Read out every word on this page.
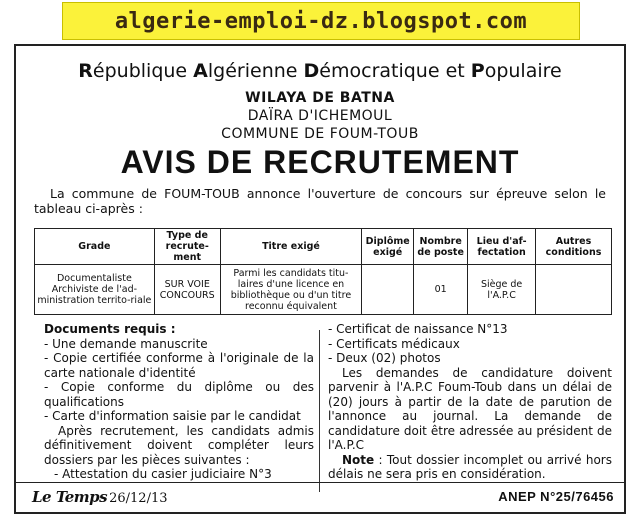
algerie-emploi-dz.blogspot.com
République Algérienne Démocratique et Populaire
WILAYA DE BATNA
DAÏRA D'ICHEMOUL
COMMUNE DE FOUM-TOUB
AVIS DE RECRUTEMENT

La commune de FOUM-TOUB annonce l'ouverture de concours sur épreuve selon le tableau ci-après :

Grade	Type de recrute-ment	Titre exigé	Diplôme exigé	Nombre de poste	Lieu d'af-fectation	Autres conditions
Documentaliste Archiviste de l'ad-ministration territo-riale	SUR VOIE CONCOURS	Parmi les candidats titu-laires d'une licence en bibliothèque ou d'un titre reconnu équivalent		01	Siège de l'A.P.C	
Documents requis :
- Une demande manuscrite
- Copie certifiée conforme à l'originale de la carte nationale d'identité
- Copie conforme du diplôme ou des qualifications
- Carte d'information saisie par le candidat
Après recrutement, les candidats admis définitivement doivent compléter leurs dossiers par les pièces suivantes :
- Attestation du casier judiciaire N°3
- Certificat de naissance N°13
- Certificats médicaux
- Deux (02) photos
Les demandes de candidature doivent parvenir à l'A.P.C Foum-Toub dans un délai de (20) jours à partir de la date de parution de l'annonce au journal. La demande de candidature doit être adressée au président de l'A.P.C
Note : Tout dossier incomplet ou arrivé hors délais ne sera pris en considération.
Le Temps 26/12/13	ANEP N°25/76456
